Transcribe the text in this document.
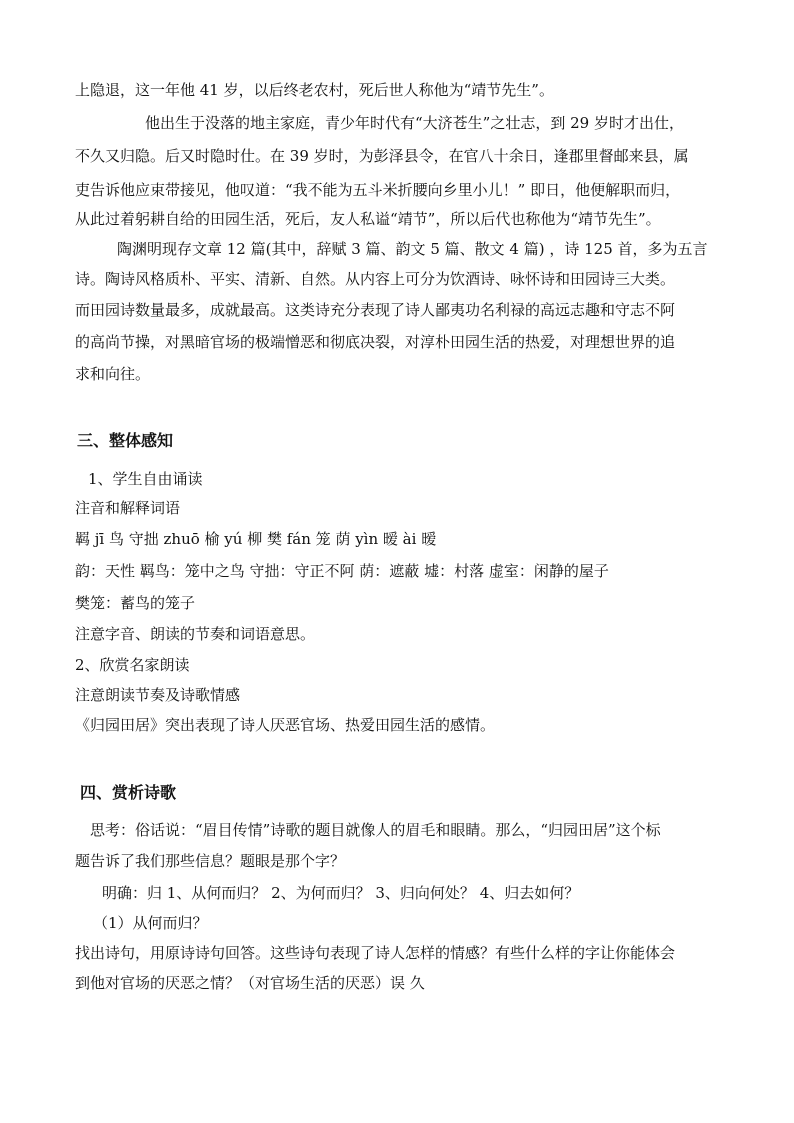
上隐退，这一年他 41 岁，以后终老农村，死后世人称他为“靖节先生”。
他出生于没落的地主家庭，青少年时代有“大济苍生”之壮志，到 29 岁时才出仕，
不久又归隐。后又时隐时仕。在 39 岁时，为彭泽县令，在官八十余日，逢郡里督邮来县，属
吏告诉他应束带接见，他叹道：“我不能为五斗米折腰向乡里小儿！” 即日，他便解职而归，
从此过着躬耕自给的田园生活，死后，友人私谥“靖节”，所以后代也称他为“靖节先生”。
陶渊明现存文章 12 篇(其中，辞赋 3 篇、韵文 5 篇、散文 4 篇) ，诗 125 首，多为五言
诗。陶诗风格质朴、平实、清新、自然。从内容上可分为饮酒诗、咏怀诗和田园诗三大类。
而田园诗数量最多，成就最高。这类诗充分表现了诗人鄙夷功名利禄的高远志趣和守志不阿
的高尚节操，对黑暗官场的极端憎恶和彻底决裂，对淳朴田园生活的热爱，对理想世界的追
求和向往。
三、整体感知
1、学生自由诵读
注音和解释词语
羁 jī 鸟 守拙 zhuō 榆 yú 柳 樊 fán 笼 荫 yìn 暧 ài 暧
韵：天性 羁鸟：笼中之鸟 守拙：守正不阿 荫：遮蔽 墟：村落 虚室：闲静的屋子
樊笼：蓄鸟的笼子
注意字音、朗读的节奏和词语意思。
2、欣赏名家朗读
注意朗读节奏及诗歌情感
《归园田居》突出表现了诗人厌恶官场、热爱田园生活的感情。
四、赏析诗歌
思考：俗话说：“眉目传情”诗歌的题目就像人的眉毛和眼睛。那么，“归园田居”这个标
题告诉了我们那些信息？题眼是那个字？
明确：归 1、从何而归？ 2、为何而归？ 3、归向何处？ 4、归去如何？
（1）从何而归？
找出诗句，用原诗诗句回答。这些诗句表现了诗人怎样的情感？有些什么样的字让你能体会
到他对官场的厌恶之情？（对官场生活的厌恶）误 久
